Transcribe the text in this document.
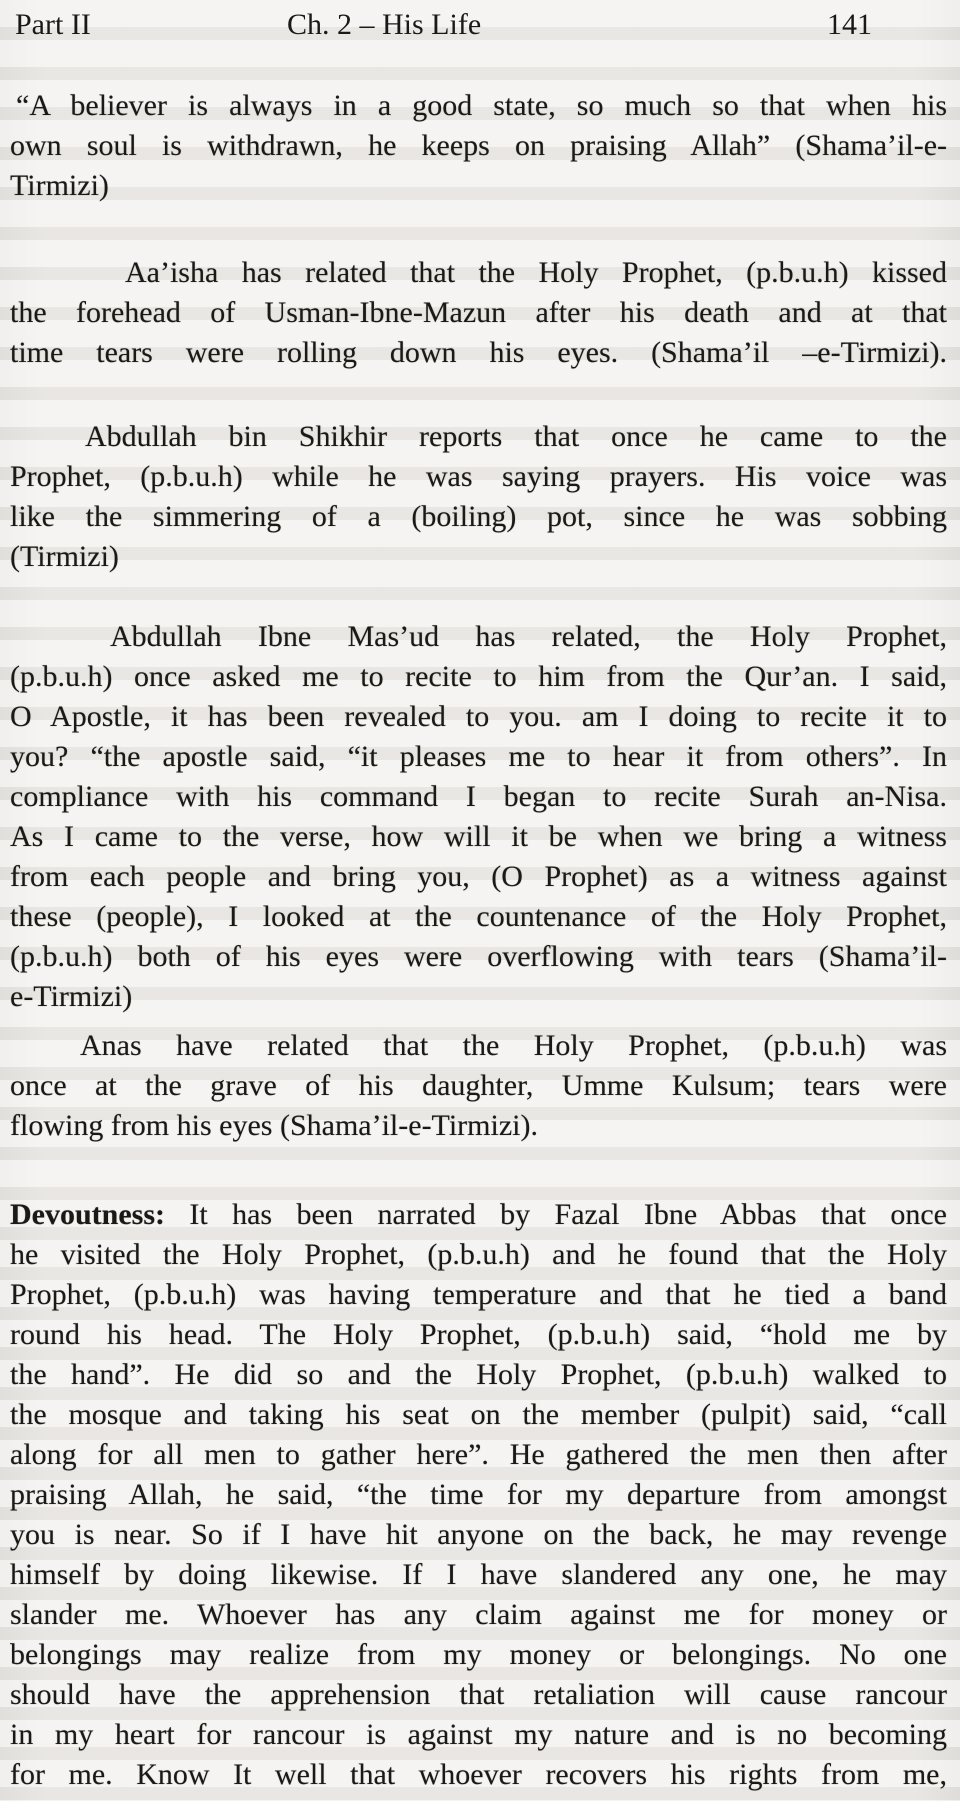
Part II	Ch. 2 – His Life	141
“A believer is always in a good state, so much so that when his
own soul is withdrawn, he keeps on praising Allah” (Shama’il-e-
Tirmizi)
Aa’isha has related that the Holy Prophet, (p.b.u.h) kissed
the forehead of Usman-Ibne-Mazun after his death and at that
time tears were rolling down his eyes. (Shama’il –e-Tirmizi).
Abdullah bin Shikhir reports that once he came to the
Prophet, (p.b.u.h) while he was saying prayers. His voice was
like the simmering of a (boiling) pot, since he was sobbing
(Tirmizi)
Abdullah Ibne Mas’ud has related, the Holy Prophet,
(p.b.u.h) once asked me to recite to him from the Qur’an. I said,
O Apostle, it has been revealed to you. am I doing to recite it to
you? “the apostle said, “it pleases me to hear it from others”. In
compliance with his command I began to recite Surah an-Nisa.
As I came to the verse, how will it be when we bring a witness
from each people and bring you, (O Prophet) as a witness against
these (people), I looked at the countenance of the Holy Prophet,
(p.b.u.h) both of his eyes were overflowing with tears (Shama’il-
e-Tirmizi)
Anas have related that the Holy Prophet, (p.b.u.h) was
once at the grave of his daughter, Umme Kulsum; tears were
flowing from his eyes (Shama’il-e-Tirmizi).
Devoutness: It has been narrated by Fazal Ibne Abbas that once
he visited the Holy Prophet, (p.b.u.h) and he found that the Holy
Prophet, (p.b.u.h) was having temperature and that he tied a band
round his head. The Holy Prophet, (p.b.u.h) said, “hold me by
the hand”. He did so and the Holy Prophet, (p.b.u.h) walked to
the mosque and taking his seat on the member (pulpit) said, “call
along for all men to gather here”. He gathered the men then after
praising Allah, he said, “the time for my departure from amongst
you is near. So if I have hit anyone on the back, he may revenge
himself by doing likewise. If I have slandered any one, he may
slander me. Whoever has any claim against me for money or
belongings may realize from my money or belongings. No one
should have the apprehension that retaliation will cause rancour
in my heart for rancour is against my nature and is no becoming
for me. Know It well that whoever recovers his rights from me,
